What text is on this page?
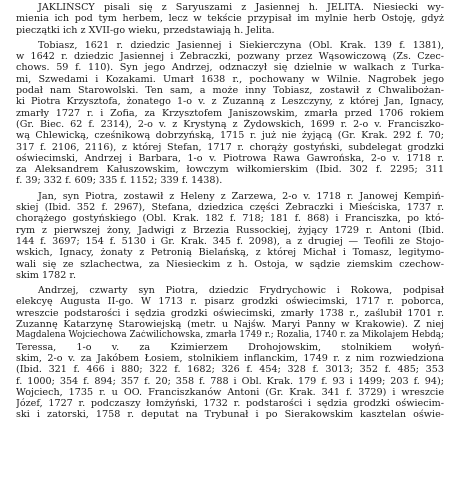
JAKLIŃSCY pisali się z Saryuszami z Jasiennej h. JELITA. Niesiecki wy-
mienia ich pod tym herbem, lecz w tekście przypisał im mylnie herb Ostoję, gdyż
pieczątki ich z XVII-go wieku, przedstawiają h. Jelita.
Tobiasz, 1621 r. dziedzic Jasiennej i Siekierczyna (Obl. Krak. 139 f. 1381),
w 1642 r. dziedzic Jasiennej i Żebraczki, pozwany przez Wąsowiczową (Zs. Czec-
chows. 59 f. 110). Syn jego Andrzej, odznaczył się dzielnie w walkach z Turka-
mi, Szwedami i Kozakami. Umarł 1638 r., pochowany w Wilnie. Nagrobek jego
podał nam Starowolski. Ten sam, a może inny Tobiasz, zostawił z Chwalibożan-
ki Piotra Krzysztofa, żonatego 1-o v. z Zuzanną z Leszczyny, z której Jan, Ignacy,
zmarły 1727 r. i Zofia, za Krzysztofem Janiszowskim, zmarła przed 1706 rokiem
(Gr. Biec. 62 f. 2314), 2-o v. z Krystyną z Żydowskich, 1699 r. 2-o v. Franciszko-
wą Chlewicką, cześnikową dobrzyńską, 1715 r. już nie żyjącą (Gr. Krak. 292 f. 70;
317 f. 2106, 2116), z której Stefan, 1717 r. chorąży gostyński, subdelegat grodzki
oświecimski, Andrzej i Barbara, 1-o v. Piotrowa Rawa Gawrońska, 2-o v. 1718 r.
za Aleksandrem Kałuszowskim, łowczym wiłkomierskim (Ibid. 302 f. 2295; 311
f. 39; 332 f. 609; 335 f. 1152; 339 f. 1438).
Jan, syn Piotra, zostawił z Heleny z Zarzewa, 2-o v. 1718 r. Janowej Kempiń-
skiej (Ibid. 352 f. 2967), Stefana, dziedzica części Żebraczki i Mieściska, 1737 r.
chorążego gostyńskiego (Obl. Krak. 182 f. 718; 181 f. 868) i Franciszka, po któ-
rym z pierwszej żony, Jadwigi z Brzezia Russockiej, żyjący 1729 r. Antoni (Ibid.
144 f. 3697; 154 f. 5130 i Gr. Krak. 345 f. 2098), a z drugiej — Teofili ze Stojo-
wskich, Ignacy, żonaty z Petronią Bielańską, z której Michał i Tomasz, legitymo-
wali się ze szlachectwa, za Niesieckim z h. Ostoja, w sądzie ziemskim czechow-
skim 1782 r.
Andrzej, czwarty syn Piotra, dziedzic Frydrychowic i Rokowa, podpisał
elekcyę Augusta II-go. W 1713 r. pisarz grodzki oświecimski, 1717 r. poborca,
wreszcie podstarości i sędzia grodzki oświecimski, zmarły 1738 r., zaślubił 1701 r.
Zuzannę Katarzynę Starowiejską (metr. u Najśw. Maryi Panny w Krakowie). Z niej
Magdalena Wojciechowa Zaćwilichowska, zmarła 1749 r.; Rozalia, 1740 r. za Mikolajem Hebdą;
Teressa, 1-o v. za Kzimierzem Drohojowskim, stolnikiem wołyń-
skim, 2-o v. za Jakóbem Łosiem, stolnikiem inflanckim, 1749 r. z nim rozwiedziona
(Ibid. 321 f. 466 i 880; 322 f. 1682; 326 f. 454; 328 f. 3013; 352 f. 485; 353
f. 1000; 354 f. 894; 357 f. 20; 358 f. 788 i Obl. Krak. 179 f. 93 i 1499; 203 f. 94);
Wojciech, 1735 r. u OO. Franciszkanów Antoni (Gr. Krak. 341 f. 3729) i wreszcie
Józef, 1727 r. podczaszy łomżyński, 1732 r. podstarości i sędzia grodzki oświecim-
ski i zatorski, 1758 r. deputat na Trybunał i po Sierakowskim kasztelan oświe-
